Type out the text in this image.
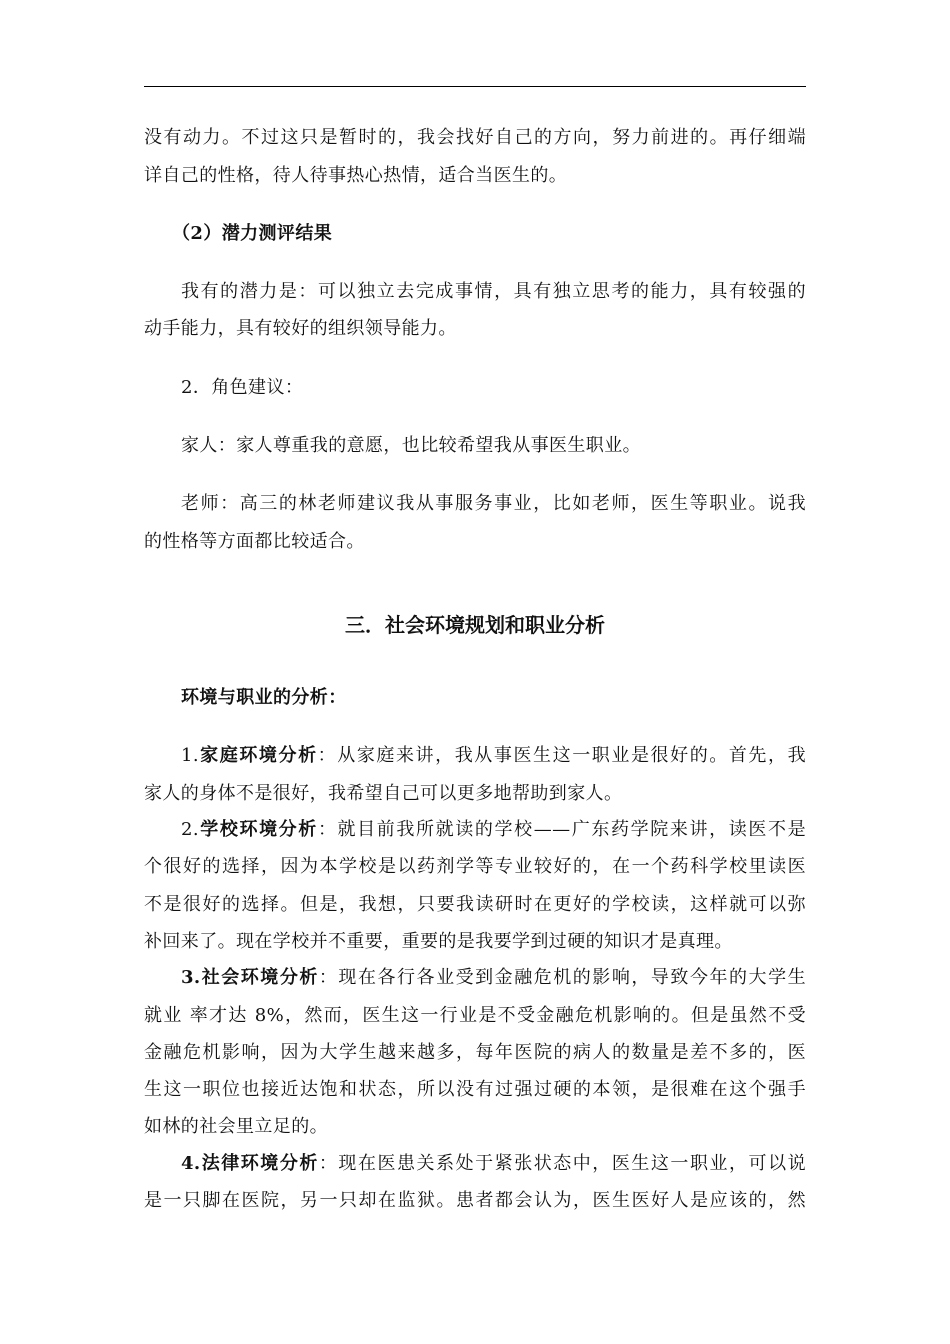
没有动力。不过这只是暂时的，我会找好自己的方向，努力前进的。再仔细端
详自己的性格，待人待事热心热情，适合当医生的。
（2）潜力测评结果
我有的潜力是：可以独立去完成事情，具有独立思考的能力，具有较强的
动手能力，具有较好的组织领导能力。
2．角色建议：
家人：家人尊重我的意愿，也比较希望我从事医生职业。
老师：高三的林老师建议我从事服务事业，比如老师，医生等职业。说我
的性格等方面都比较适合。
三．社会环境规划和职业分析
环境与职业的分析：
1.家庭环境分析：从家庭来讲，我从事医生这一职业是很好的。首先，我
家人的身体不是很好，我希望自己可以更多地帮助到家人。
2.学校环境分析：就目前我所就读的学校——广东药学院来讲，读医不是
个很好的选择，因为本学校是以药剂学等专业较好的，在一个药科学校里读医
不是很好的选择。但是，我想，只要我读研时在更好的学校读，这样就可以弥
补回来了。现在学校并不重要，重要的是我要学到过硬的知识才是真理。
3.社会环境分析：现在各行各业受到金融危机的影响，导致今年的大学生
就业 率才达 8%，然而，医生这一行业是不受金融危机影响的。但是虽然不受
金融危机影响，因为大学生越来越多，每年医院的病人的数量是差不多的，医
生这一职位也接近达饱和状态，所以没有过强过硬的本领，是很难在这个强手
如林的社会里立足的。
4.法律环境分析：现在医患关系处于紧张状态中，医生这一职业，可以说
是一只脚在医院，另一只却在监狱。患者都会认为，医生医好人是应该的，然
